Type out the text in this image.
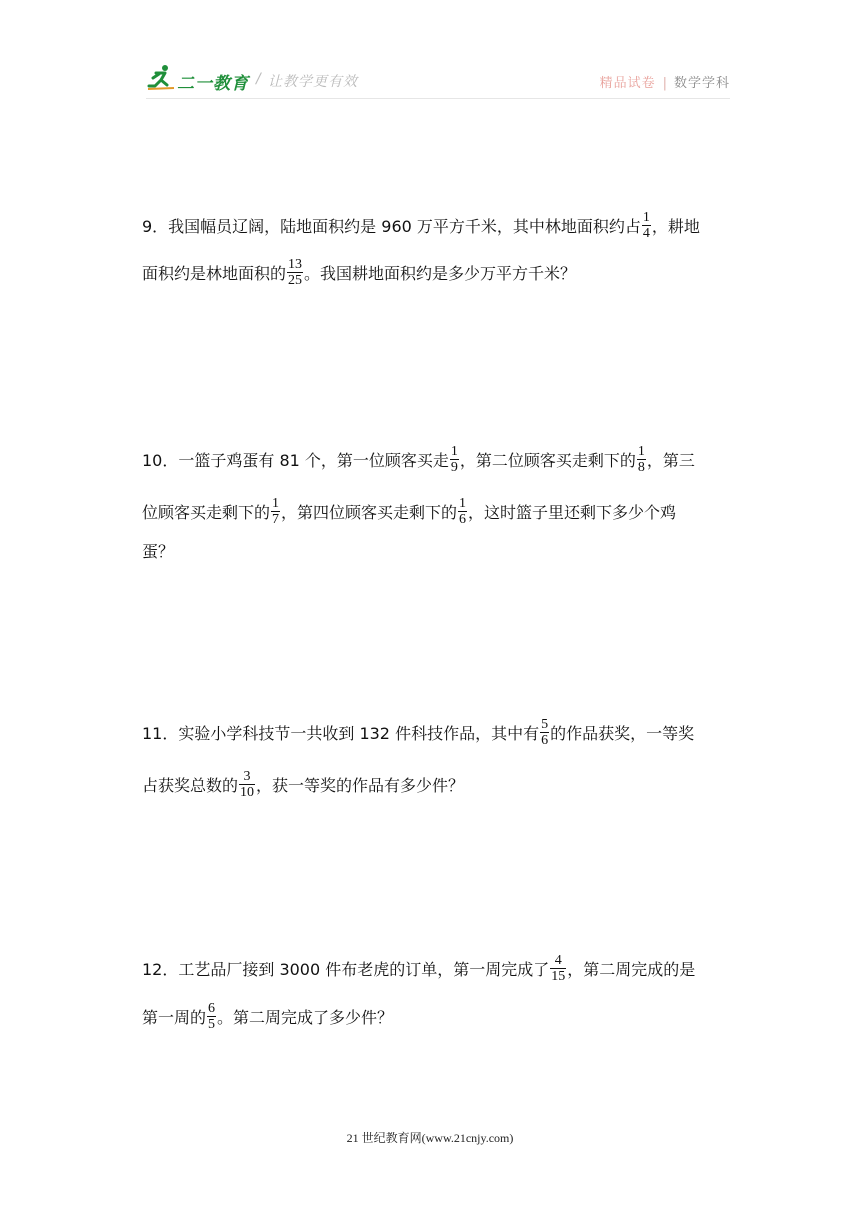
二一教育 / 让教学更有效	精品试卷 | 数学学科
9．我国幅员辽阔，陆地面积约是 960 万平方千米，其中林地面积约占 $\frac{1}{4}$ ，耕地
面积约是林地面积的 $\frac{13}{25}$ 。我国耕地面积约是多少万平方千米？
10．一篮子鸡蛋有 81 个，第一位顾客买走 $\frac{1}{9}$ ，第二位顾客买走剩下的 $\frac{1}{8}$ ，第三
位顾客买走剩下的 $\frac{1}{7}$ ，第四位顾客买走剩下的 $\frac{1}{6}$ ，这时篮子里还剩下多少个鸡
蛋？
11．实验小学科技节一共收到 132 件科技作品，其中有 $\frac{5}{6}$ 的作品获奖，一等奖
占获奖总数的 $\frac{3}{10}$ ，获一等奖的作品有多少件？
12．工艺品厂接到 3000 件布老虎的订单，第一周完成了 $\frac{4}{15}$ ，第二周完成的是
第一周的 $\frac{6}{5}$ 。第二周完成了多少件？
21 世纪教育网(www.21cnjy.com)
